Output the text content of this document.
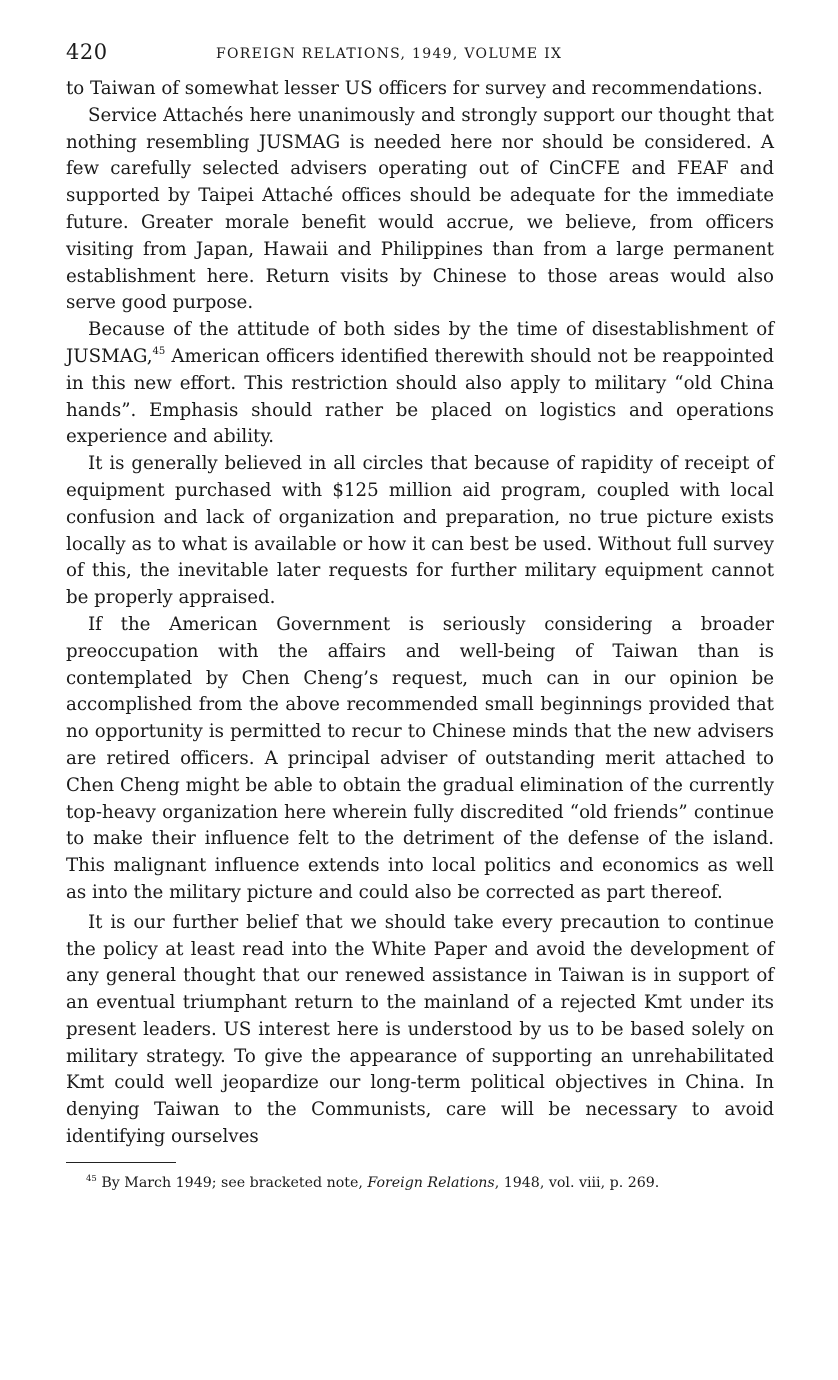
420	FOREIGN RELATIONS, 1949, VOLUME IX

to Taiwan of somewhat lesser US officers for survey and recommendations.

Service Attachés here unanimously and strongly support our thought that nothing resembling JUSMAG is needed here nor should be considered. A few carefully selected advisers operating out of CinCFE and FEAF and supported by Taipei Attaché offices should be adequate for the immediate future. Greater morale benefit would accrue, we believe, from officers visiting from Japan, Hawaii and Philippines than from a large permanent establishment here. Return visits by Chinese to those areas would also serve good purpose.

Because of the attitude of both sides by the time of disestablishment of JUSMAG,$^{45}$ American officers identified therewith should not be reappointed in this new effort. This restriction should also apply to military “old China hands”. Emphasis should rather be placed on logistics and operations experience and ability.

It is generally believed in all circles that because of rapidity of receipt of equipment purchased with $125 million aid program, coupled with local confusion and lack of organization and preparation, no true picture exists locally as to what is available or how it can best be used. Without full survey of this, the inevitable later requests for further military equipment cannot be properly appraised.

If the American Government is seriously considering a broader preoccupation with the affairs and well-being of Taiwan than is contemplated by Chen Cheng’s request, much can in our opinion be accomplished from the above recommended small beginnings provided that no opportunity is permitted to recur to Chinese minds that the new advisers are retired officers. A principal adviser of outstanding merit attached to Chen Cheng might be able to obtain the gradual elimination of the currently top-heavy organization here wherein fully discredited “old friends” continue to make their influence felt to the detriment of the defense of the island. This malignant influence extends into local politics and economics as well as into the military picture and could also be corrected as part thereof.

It is our further belief that we should take every precaution to continue the policy at least read into the White Paper and avoid the development of any general thought that our renewed assistance in Taiwan is in support of an eventual triumphant return to the mainland of a rejected Kmt under its present leaders. US interest here is understood by us to be based solely on military strategy. To give the appearance of supporting an unrehabilitated Kmt could well jeopardize our long-term political objectives in China. In denying Taiwan to the Communists, care will be necessary to avoid identifying ourselves

$^{45}$ By March 1949; see bracketed note, Foreign Relations, 1948, vol. viii, p. 269.
